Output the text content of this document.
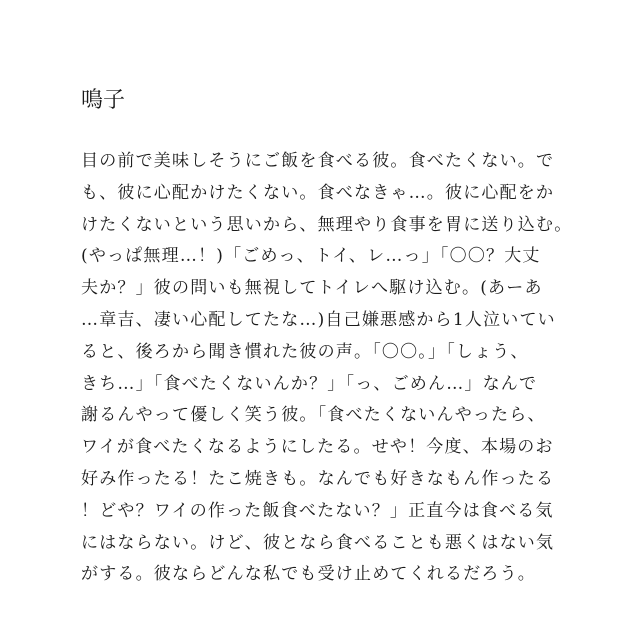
鳴子
目の前で美味しそうにご飯を食べる彼。食べたくない。で
も、彼に心配かけたくない。食べなきゃ…。彼に心配をか
けたくないという思いから、無理やり食事を胃に送り込む。
(やっぱ無理…！)「ごめっ、トイ、レ…っ」「〇〇？大丈
夫か？」彼の問いも無視してトイレへ駆け込む。(あーあ
…章吉、凄い心配してたな…)自己嫌悪感から1人泣いてい
ると、後ろから聞き慣れた彼の声。「〇〇。」「しょう、
きち…」「食べたくないんか？」「っ、ごめん…」なんで
謝るんやって優しく笑う彼。「食べたくないんやったら、
ワイが食べたくなるようにしたる。せや！今度、本場のお
好み作ったる！たこ焼きも。なんでも好きなもん作ったる
！どや？ワイの作った飯食べたない？」正直今は食べる気
にはならない。けど、彼となら食べることも悪くはない気
がする。彼ならどんな私でも受け止めてくれるだろう。
